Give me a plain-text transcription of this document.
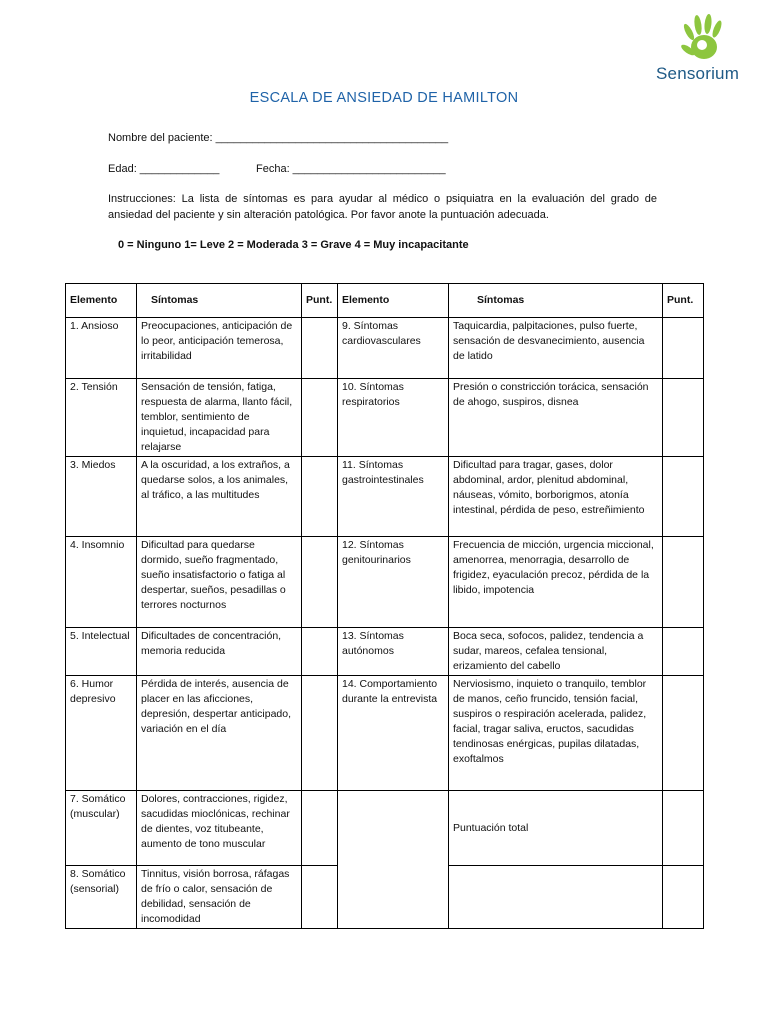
Sensorium
ESCALA DE ANSIEDAD DE HAMILTON
Nombre del paciente: ______________________________________
Edad: _____________	Fecha: _________________________
Instrucciones: La lista de síntomas es para ayudar al médico o psiquiatra en la evaluación del grado de ansiedad del paciente y sin alteración patológica. Por favor anote la puntuación adecuada.
0 = Ninguno 1= Leve 2 = Moderada 3 = Grave 4 = Muy incapacitante
Elemento	Síntomas	Punt.	Elemento	Síntomas	Punt.
1. Ansioso	Preocupaciones, anticipación de lo peor, anticipación temerosa, irritabilidad		9. Síntomas cardiovasculares	Taquicardia, palpitaciones, pulso fuerte, sensación de desvanecimiento, ausencia de latido	
2. Tensión	Sensación de tensión, fatiga, respuesta de alarma, llanto fácil, temblor, sentimiento de inquietud, incapacidad para relajarse		10. Síntomas respiratorios	Presión o constricción torácica, sensación de ahogo, suspiros, disnea	
3. Miedos	A la oscuridad, a los extraños, a quedarse solos, a los animales, al tráfico, a las multitudes		11. Síntomas gastrointestinales	Dificultad para tragar, gases, dolor abdominal, ardor, plenitud abdominal, náuseas, vómito, borborigmos, atonía intestinal, pérdida de peso, estreñimiento	
4. Insomnio	Dificultad para quedarse dormido, sueño fragmentado, sueño insatisfactorio o fatiga al despertar, sueños, pesadillas o terrores nocturnos		12. Síntomas genitourinarios	Frecuencia de micción, urgencia miccional, amenorrea, menorragia, desarrollo de frigidez, eyaculación precoz, pérdida de la libido, impotencia	
5. Intelectual	Dificultades de concentración, memoria reducida		13. Síntomas autónomos	Boca seca, sofocos, palidez, tendencia a sudar, mareos, cefalea tensional, erizamiento del cabello	
6. Humor depresivo	Pérdida de interés, ausencia de placer en las aficciones, depresión, despertar anticipado, variación en el día		14. Comportamiento durante la entrevista	Nerviosismo, inquieto o tranquilo, temblor de manos, ceño fruncido, tensión facial, suspiros o respiración acelerada, palidez, facial, tragar saliva, eructos, sacudidas tendinosas enérgicas, pupilas dilatadas, exoftalmos	
7. Somático (muscular)	Dolores, contracciones, rigidez, sacudidas mioclónicas, rechinar de dientes, voz titubeante, aumento de tono muscular			Puntuación total	
8. Somático (sensorial)	Tinnitus, visión borrosa, ráfagas de frío o calor, sensación de debilidad, sensación de incomodidad				
